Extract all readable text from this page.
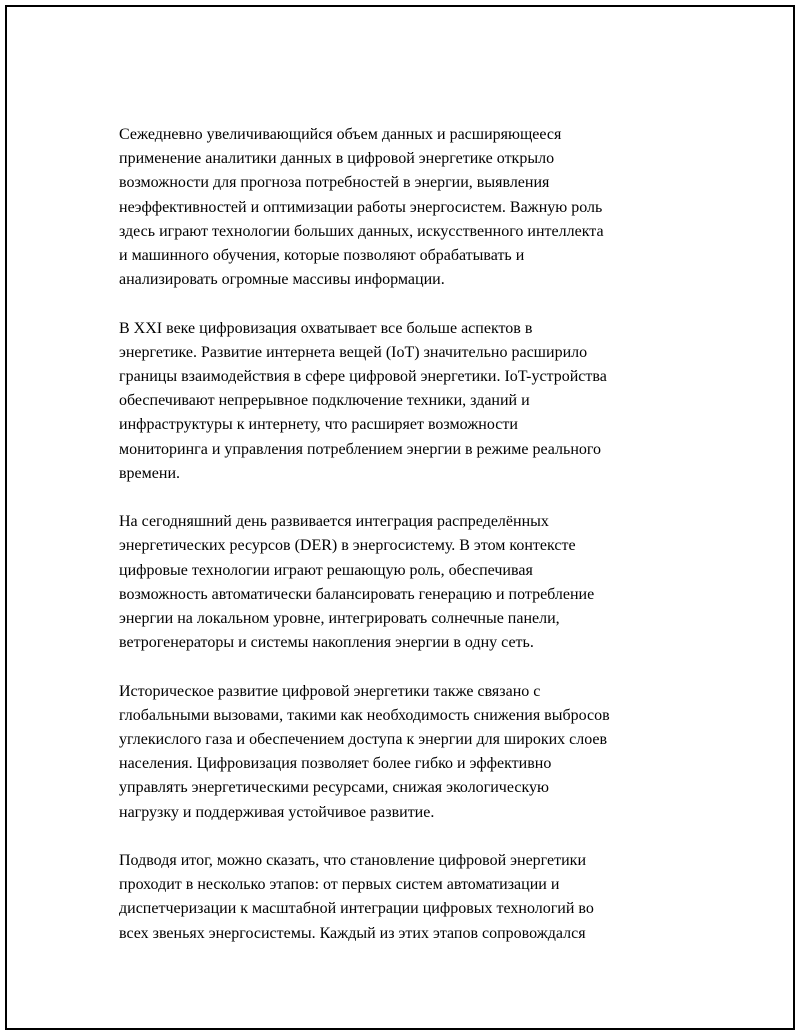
Сежедневно увеличивающийся объем данных и расширяющееся
применение аналитики данных в цифровой энергетике открыло
возможности для прогноза потребностей в энергии, выявления
неэффективностей и оптимизации работы энергосистем. Важную роль
здесь играют технологии больших данных, искусственного интеллекта
и машинного обучения, которые позволяют обрабатывать и
анализировать огромные массивы информации.

В XXI веке цифровизация охватывает все больше аспектов в
энергетике. Развитие интернета вещей (IoT) значительно расширило
границы взаимодействия в сфере цифровой энергетики. IoT-устройства
обеспечивают непрерывное подключение техники, зданий и
инфраструктуры к интернету, что расширяет возможности
мониторинга и управления потреблением энергии в режиме реального
времени.

На сегодняшний день развивается интеграция распределённых
энергетических ресурсов (DER) в энергосистему. В этом контексте
цифровые технологии играют решающую роль, обеспечивая
возможность автоматически балансировать генерацию и потребление
энергии на локальном уровне, интегрировать солнечные панели,
ветрогенераторы и системы накопления энергии в одну сеть.

Историческое развитие цифровой энергетики также связано с
глобальными вызовами, такими как необходимость снижения выбросов
углекислого газа и обеспечением доступа к энергии для широких слоев
населения. Цифровизация позволяет более гибко и эффективно
управлять энергетическими ресурсами, снижая экологическую
нагрузку и поддерживая устойчивое развитие.

Подводя итог, можно сказать, что становление цифровой энергетики
проходит в несколько этапов: от первых систем автоматизации и
диспетчеризации к масштабной интеграции цифровых технологий во
всех звеньях энергосистемы. Каждый из этих этапов сопровождался
